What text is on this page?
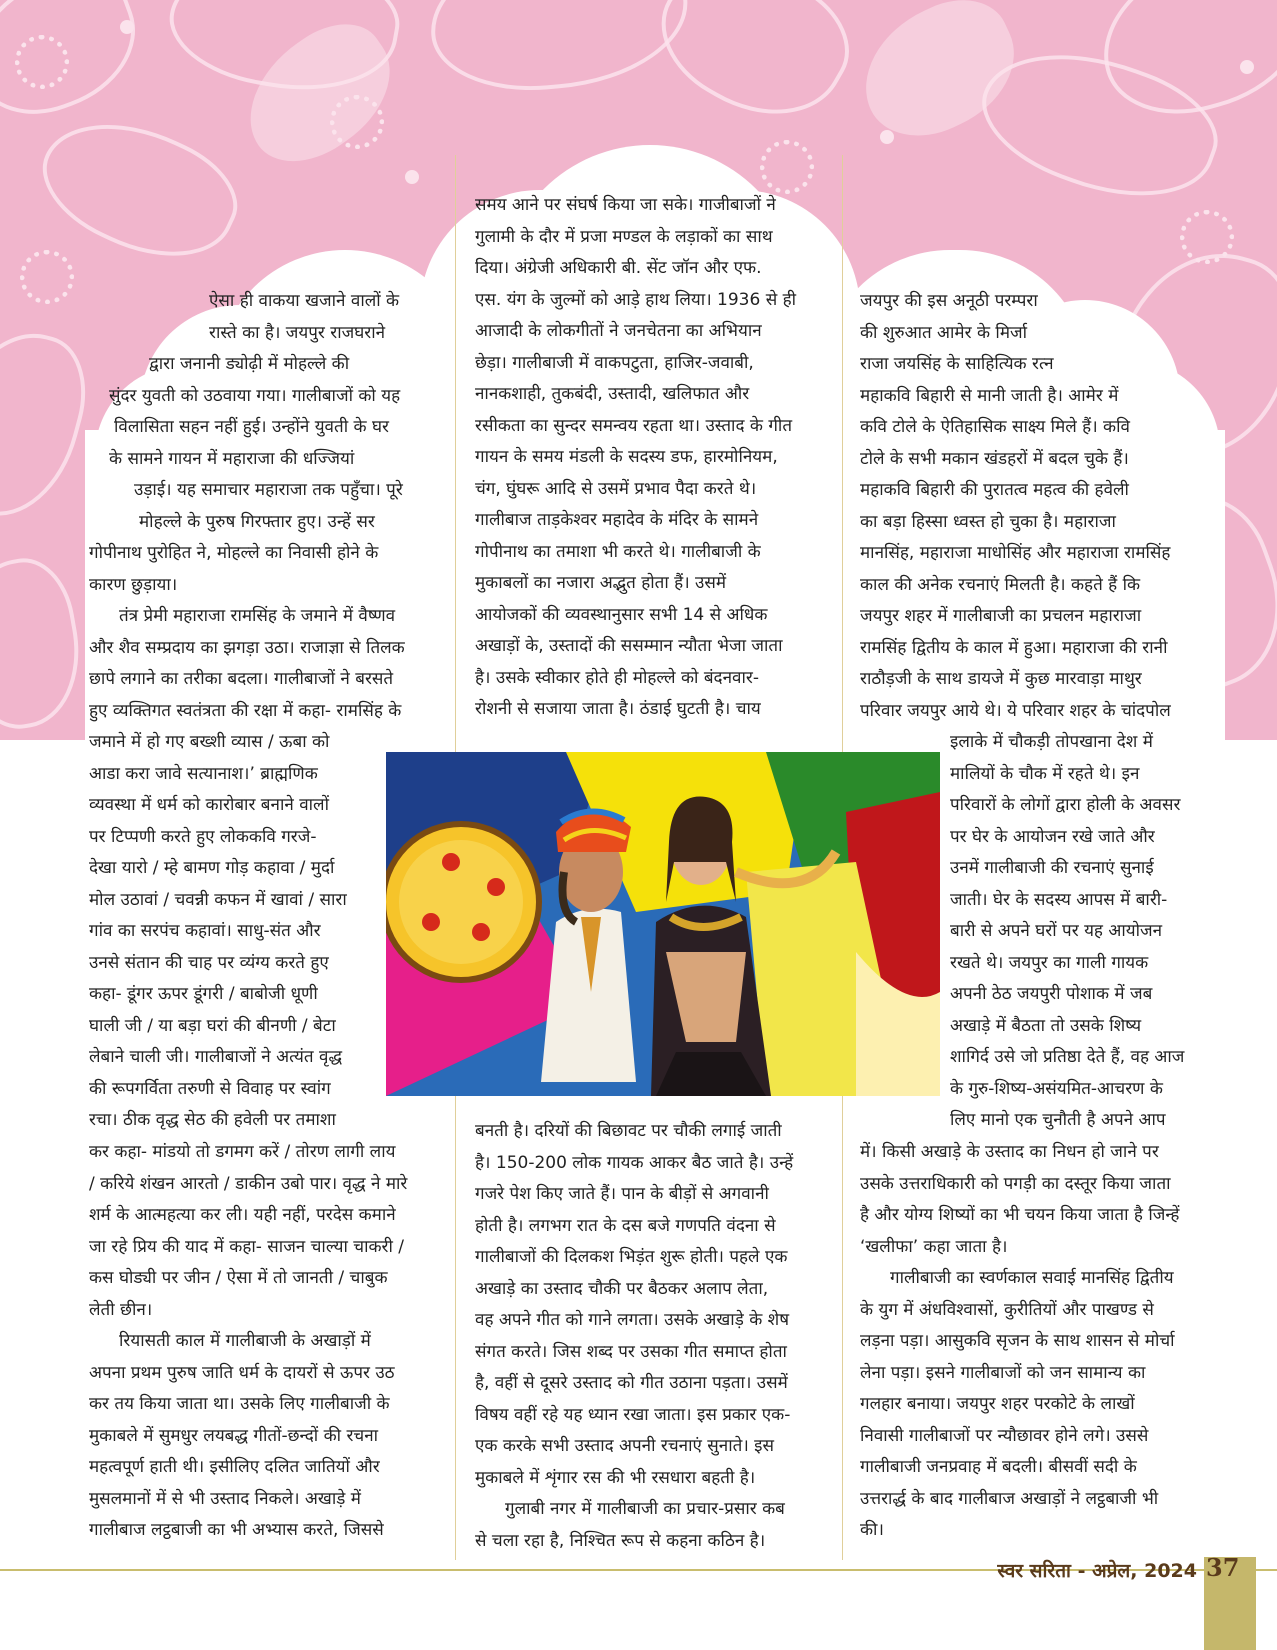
ऐसा ही वाकया खजाने वालों के
रास्ते का है। जयपुर राजघराने
द्वारा जनानी ड्योढ़ी में मोहल्ले की
सुंदर युवती को उठवाया गया। गालीबाजों को यह
विलासिता सहन नहीं हुई। उन्होंने युवती के घर
के सामने गायन में महाराजा की धज्जियां
उड़ाई। यह समाचार महाराजा तक पहुँचा। पूरे
मोहल्ले के पुरुष गिरफ्तार हुए। उन्हें सर
गोपीनाथ पुरोहित ने, मोहल्ले का निवासी होने के
कारण छुड़ाया।

तंत्र प्रेमी महाराजा रामसिंह के जमाने में वैष्णव
और शैव सम्प्रदाय का झगड़ा उठा। राजाज्ञा से तिलक
छापे लगाने का तरीका बदला। गालीबाजों ने बरसते
हुए व्यक्तिगत स्वतंत्रता की रक्षा में कहा- रामसिंह के

जमाने में हो गए बख्शी व्यास / ऊबा को
आडा करा जावे सत्यानाश।’ ब्राह्मणिक
व्यवस्था में धर्म को कारोबार बनाने वालों
पर टिप्पणी करते हुए लोककवि गरजे-
देखा यारो / म्हे बामण गोड़ कहावा / मुर्दा
मोल उठावां / चवन्नी कफन में खावां / सारा
गांव का सरपंच कहावां। साधु-संत और
उनसे संतान की चाह पर व्यंग्य करते हुए
कहा- डूंगर ऊपर डूंगरी / बाबोजी धूणी
घाली जी / या बड़ा घरां की बीनणी / बेटा
लेबाने चाली जी। गालीबाजों ने अत्यंत वृद्ध
की रूपगर्विता तरुणी से विवाह पर स्वांग
रचा। ठीक वृद्ध सेठ की हवेली पर तमाशा
कर कहा- मांडयो तो डगमग करें / तोरण लागी लाय
/ करिये शंखन आरतो / डाकीन उबो पार। वृद्ध ने मारे
शर्म के आत्महत्या कर ली। यही नहीं, परदेस कमाने
जा रहे प्रिय की याद में कहा- साजन चाल्या चाकरी /
कस घोड्यी पर जीन / ऐसा में तो जानती / चाबुक
लेती छीन।

रियासती काल में गालीबाजी के अखाड़ों में
अपना प्रथम पुरुष जाति धर्म के दायरों से ऊपर उठ
कर तय किया जाता था। उसके लिए गालीबाजी के
मुकाबले में सुमधुर लयबद्ध गीतों-छन्दों की रचना
महत्वपूर्ण हाती थी। इसीलिए दलित जातियों और
मुसलमानों में से भी उस्ताद निकले। अखाड़े में
गालीबाज लट्ठबाजी का भी अभ्यास करते, जिससे

समय आने पर संघर्ष किया जा सके। गाजीबाजों ने
गुलामी के दौर में प्रजा मण्डल के लड़ाकों का साथ
दिया। अंग्रेजी अधिकारी बी. सेंट जॉन और एफ.
एस. यंग के जुल्मों को आड़े हाथ लिया। 1936 से ही
आजादी के लोकगीतों ने जनचेतना का अभियान
छेड़ा। गालीबाजी में वाकपटुता, हाजिर-जवाबी,
नानकशाही, तुकबंदी, उस्तादी, खलिफात और
रसीकता का सुन्दर समन्वय रहता था। उस्ताद के गीत
गायन के समय मंडली के सदस्य डफ, हारमोनियम,
चंग, घुंघरू आदि से उसमें प्रभाव पैदा करते थे।
गालीबाज ताड़केश्वर महादेव के मंदिर के सामने
गोपीनाथ का तमाशा भी करते थे। गालीबाजी के
मुकाबलों का नजारा अद्भुत होता हैं। उसमें
आयोजकों की व्यवस्थानुसार सभी 14 से अधिक
अखाड़ों के, उस्तादों की ससम्मान न्यौता भेजा जाता
है। उसके स्वीकार होते ही मोहल्ले को बंदनवार-
रोशनी से सजाया जाता है। ठंडाई घुटती है। चाय
बनती है। दरियों की बिछावट पर चौकी लगाई जाती
है। 150-200 लोक गायक आकर बैठ जाते है। उन्हें
गजरे पेश किए जाते हैं। पान के बीड़ों से अगवानी
होती है। लगभग रात के दस बजे गणपति वंदना से
गालीबाजों की दिलकश भिड़ंत शुरू होती। पहले एक
अखाड़े का उस्ताद चौकी पर बैठकर अलाप लेता,
वह अपने गीत को गाने लगता। उसके अखाड़े के शेष
संगत करते। जिस शब्द पर उसका गीत समाप्त होता
है, वहीं से दूसरे उस्ताद को गीत उठाना पड़ता। उसमें
विषय वहीं रहे यह ध्यान रखा जाता। इस प्रकार एक-
एक करके सभी उस्ताद अपनी रचनाएं सुनाते। इस
मुकाबले में शृंगार रस की भी रसधारा बहती है।

गुलाबी नगर में गालीबाजी का प्रचार-प्रसार कब
से चला रहा है, निश्चित रूप से कहना कठिन है।

जयपुर की इस अनूठी परम्परा
की शुरुआत आमेर के मिर्जा
राजा जयसिंह के साहित्यिक रत्न
महाकवि बिहारी से मानी जाती है। आमेर में
कवि टोले के ऐतिहासिक साक्ष्य मिले हैं। कवि
टोले के सभी मकान खंडहरों में बदल चुके हैं।
महाकवि बिहारी की पुरातत्व महत्व की हवेली
का बड़ा हिस्सा ध्वस्त हो चुका है। महाराजा
मानसिंह, महाराजा माधोसिंह और महाराजा रामसिंह
काल की अनेक रचनाएं मिलती है। कहते हैं कि
जयपुर शहर में गालीबाजी का प्रचलन महाराजा
रामसिंह द्वितीय के काल में हुआ। महाराजा की रानी
राठौड़जी के साथ डायजे में कुछ मारवाड़ा माथुर
परिवार जयपुर आये थे। ये परिवार शहर के चांदपोल
इलाके में चौकड़ी तोपखाना देश में
मालियों के चौक में रहते थे। इन
परिवारों के लोगों द्वारा होली के अवसर
पर घेर के आयोजन रखे जाते और
उनमें गालीबाजी की रचनाएं सुनाई
जाती। घेर के सदस्य आपस में बारी-
बारी से अपने घरों पर यह आयोजन
रखते थे। जयपुर का गाली गायक
अपनी ठेठ जयपुरी पोशाक में जब
अखाड़े में बैठता तो उसके शिष्य
शागिर्द उसे जो प्रतिष्ठा देते हैं, वह आज
के गुरु-शिष्य-असंयमित-आचरण के
लिए मानो एक चुनौती है अपने आप
में। किसी अखाड़े के उस्ताद का निधन हो जाने पर
उसके उत्तराधिकारी को पगड़ी का दस्तूर किया जाता
है और योग्य शिष्यों का भी चयन किया जाता है जिन्हें
‘खलीफा’ कहा जाता है।

गालीबाजी का स्वर्णकाल सवाई मानसिंह द्वितीय
के युग में अंधविश्वासों, कुरीतियों और पाखण्ड से
लड़ना पड़ा। आसुकवि सृजन के साथ शासन से मोर्चा
लेना पड़ा। इसने गालीबाजों को जन सामान्य का
गलहार बनाया। जयपुर शहर परकोटे के लाखों
निवासी गालीबाजों पर न्यौछावर होने लगे। उससे
गालीबाजी जनप्रवाह में बदली। बीसवीं सदी के
उत्तरार्द्ध के बाद गालीबाज अखाड़ों ने लट्ठबाजी भी
की।

स्वर सरिता - अप्रेल, 2024 37
